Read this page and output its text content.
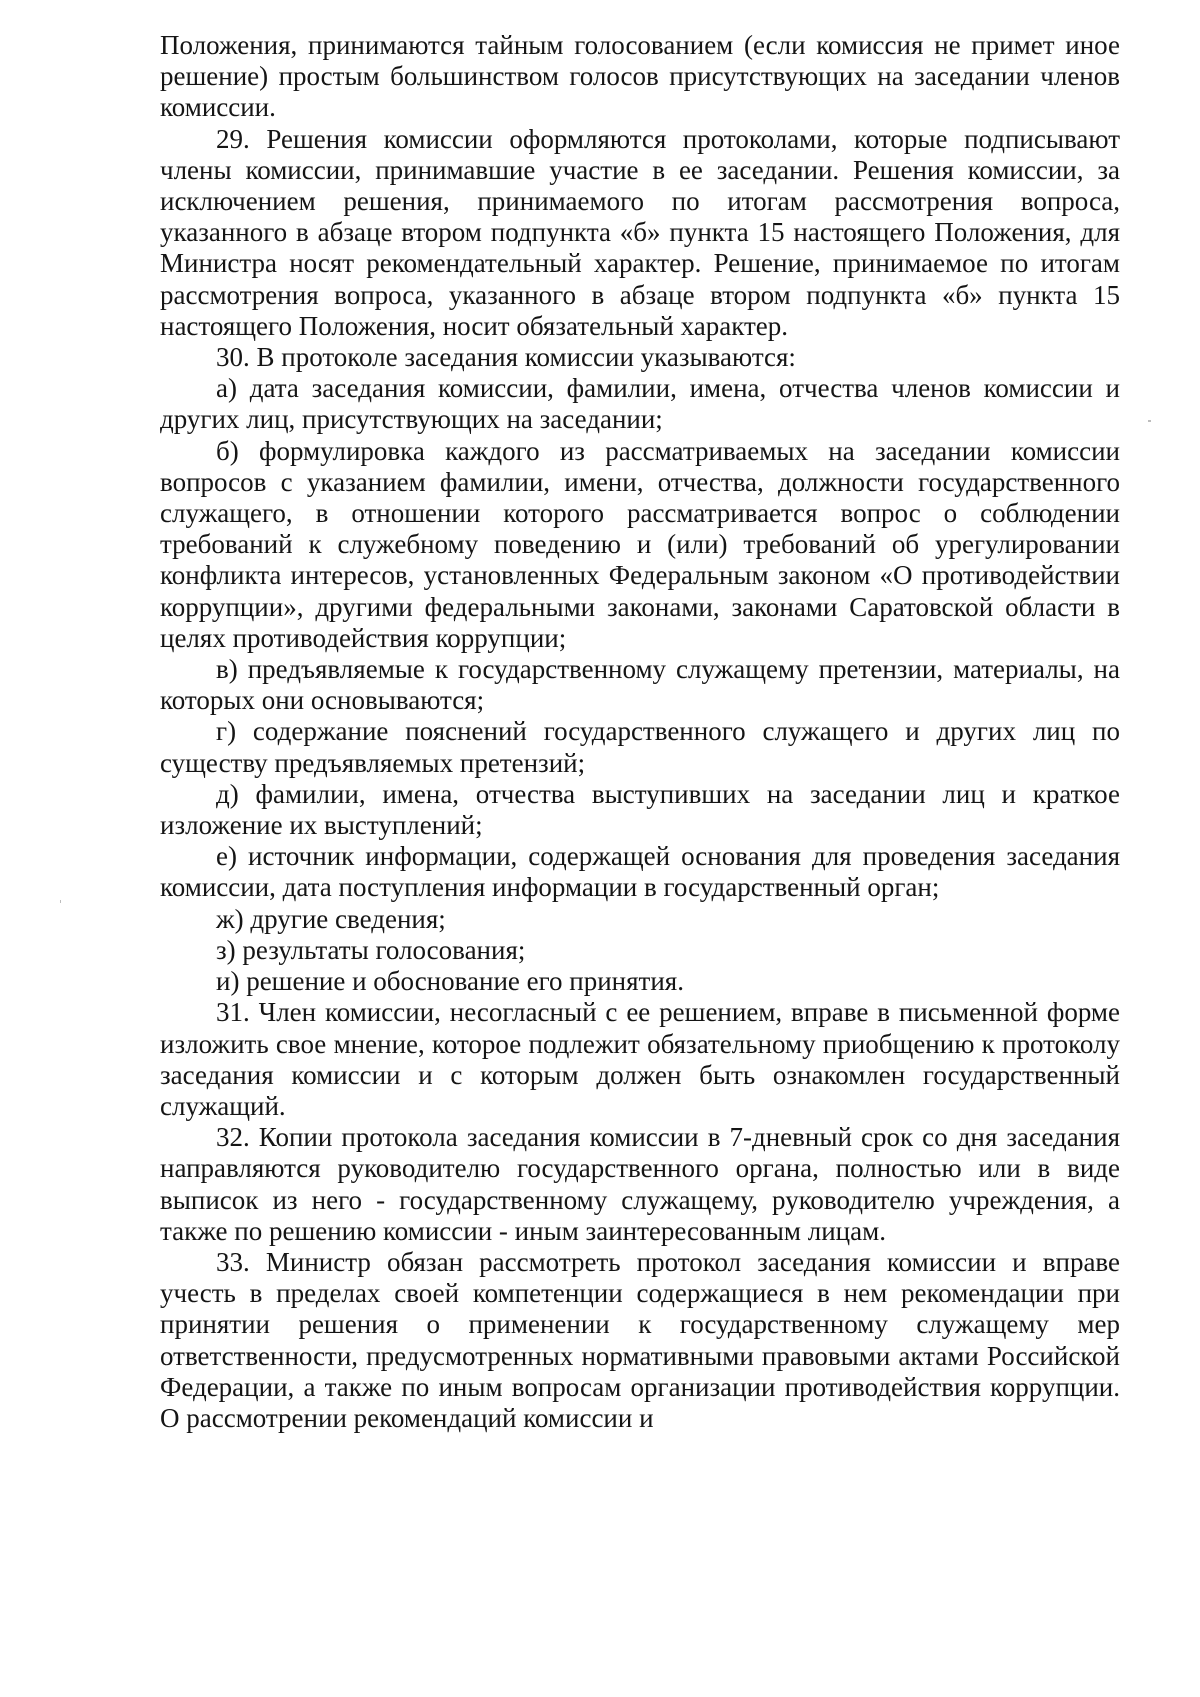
Положения, принимаются тайным голосованием (если комиссия не примет иное решение) простым большинством голосов присутствующих на заседании членов комиссии.

29. Решения комиссии оформляются протоколами, которые подписывают члены комиссии, принимавшие участие в ее заседании. Решения комиссии, за исключением решения, принимаемого по итогам рассмотрения вопроса, указанного в абзаце втором подпункта «б» пункта 15 настоящего Положения, для Министра носят рекомендательный характер. Решение, принимаемое по итогам рассмотрения вопроса, указанного в абзаце втором подпункта «б» пункта 15 настоящего Положения, носит обязательный характер.

30. В протоколе заседания комиссии указываются:

а) дата заседания комиссии, фамилии, имена, отчества членов комиссии и других лиц, присутствующих на заседании;

б) формулировка каждого из рассматриваемых на заседании комиссии вопросов с указанием фамилии, имени, отчества, должности государственного служащего, в отношении которого рассматривается вопрос о соблюдении требований к служебному поведению и (или) требований об урегулировании конфликта интересов, установленных Федеральным законом «О противодействии коррупции», другими федеральными законами, законами Саратовской области в целях противодействия коррупции;

в) предъявляемые к государственному служащему претензии, материалы, на которых они основываются;

г) содержание пояснений государственного служащего и других лиц по существу предъявляемых претензий;

д) фамилии, имена, отчества выступивших на заседании лиц и краткое изложение их выступлений;

е) источник информации, содержащей основания для проведения заседания комиссии, дата поступления информации в государственный орган;

ж) другие сведения;

з) результаты голосования;

и) решение и обоснование его принятия.

31. Член комиссии, несогласный с ее решением, вправе в письменной форме изложить свое мнение, которое подлежит обязательному приобщению к протоколу заседания комиссии и с которым должен быть ознакомлен государственный служащий.

32. Копии протокола заседания комиссии в 7-дневный срок со дня заседания направляются руководителю государственного органа, полностью или в виде выписок из него - государственному служащему, руководителю учреждения, а также по решению комиссии - иным заинтересованным лицам.

33. Министр обязан рассмотреть протокол заседания комиссии и вправе учесть в пределах своей компетенции содержащиеся в нем рекомендации при принятии решения о применении к государственному служащему мер ответственности, предусмотренных нормативными правовыми актами Российской Федерации, а также по иным вопросам организации противодействия коррупции. О рассмотрении рекомендаций комиссии и
